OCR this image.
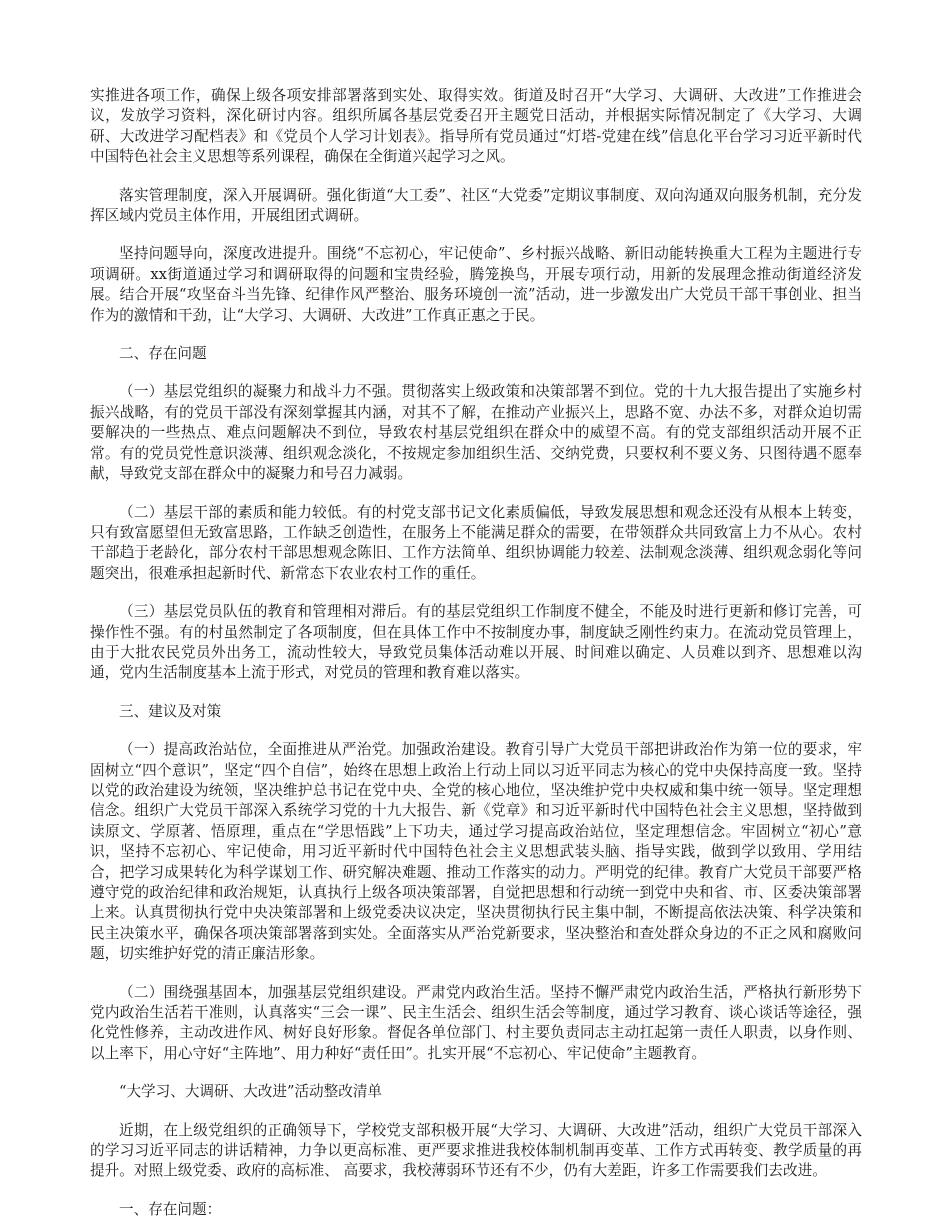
实推进各项工作，确保上级各项安排部署落到实处、取得实效。街道及时召开“大学习、大调研、大改进”工作推进会议，发放学习资料，深化研讨内容。组织所属各基层党委召开主题党日活动，并根据实际情况制定了《大学习、大调研、大改进学习配档表》和《党员个人学习计划表》。指导所有党员通过“灯塔-党建在线”信息化平台学习习近平新时代中国特色社会主义思想等系列课程，确保在全街道兴起学习之风。

落实管理制度，深入开展调研。强化街道“大工委”、社区“大党委”定期议事制度、双向沟通双向服务机制，充分发挥区域内党员主体作用，开展组团式调研。

坚持问题导向，深度改进提升。围绕“不忘初心，牢记使命”、乡村振兴战略、新旧动能转换重大工程为主题进行专项调研。xx街道通过学习和调研取得的问题和宝贵经验，腾笼换鸟，开展专项行动，用新的发展理念推动街道经济发展。结合开展“攻坚奋斗当先锋、纪律作风严整治、服务环境创一流”活动，进一步激发出广大党员干部干事创业、担当作为的激情和干劲，让“大学习、大调研、大改进”工作真正惠之于民。

二、存在问题

（一）基层党组织的凝聚力和战斗力不强。贯彻落实上级政策和决策部署不到位。党的十九大报告提出了实施乡村振兴战略，有的党员干部没有深刻掌握其内涵，对其不了解，在推动产业振兴上，思路不宽、办法不多，对群众迫切需要解决的一些热点、难点问题解决不到位，导致农村基层党组织在群众中的威望不高。有的党支部组织活动开展不正常。有的党员党性意识淡薄、组织观念淡化，不按规定参加组织生活、交纳党费，只要权利不要义务、只图待遇不愿奉献，导致党支部在群众中的凝聚力和号召力减弱。

（二）基层干部的素质和能力较低。有的村党支部书记文化素质偏低，导致发展思想和观念还没有从根本上转变，只有致富愿望但无致富思路，工作缺乏创造性，在服务上不能满足群众的需要，在带领群众共同致富上力不从心。农村干部趋于老龄化，部分农村干部思想观念陈旧、工作方法简单、组织协调能力较差、法制观念淡薄、组织观念弱化等问题突出，很难承担起新时代、新常态下农业农村工作的重任。

（三）基层党员队伍的教育和管理相对滞后。有的基层党组织工作制度不健全，不能及时进行更新和修订完善，可操作性不强。有的村虽然制定了各项制度，但在具体工作中不按制度办事，制度缺乏刚性约束力。在流动党员管理上，由于大批农民党员外出务工，流动性较大，导致党员集体活动难以开展、时间难以确定、人员难以到齐、思想难以沟通，党内生活制度基本上流于形式，对党员的管理和教育难以落实。

三、建议及对策

（一）提高政治站位，全面推进从严治党。加强政治建设。教育引导广大党员干部把讲政治作为第一位的要求，牢固树立“四个意识”，坚定“四个自信”，始终在思想上政治上行动上同以习近平同志为核心的党中央保持高度一致。坚持以党的政治建设为统领，坚决维护总书记在党中央、全党的核心地位，坚决维护党中央权威和集中统一领导。坚定理想信念。组织广大党员干部深入系统学习党的十九大报告、新《党章》和习近平新时代中国特色社会主义思想，坚持做到读原文、学原著、悟原理，重点在“学思悟践”上下功夫，通过学习提高政治站位，坚定理想信念。牢固树立“初心”意识，坚持不忘初心、牢记使命，用习近平新时代中国特色社会主义思想武装头脑、指导实践，做到学以致用、学用结合，把学习成果转化为科学谋划工作、研究解决难题、推动工作落实的动力。严明党的纪律。教育广大党员干部要严格遵守党的政治纪律和政治规矩，认真执行上级各项决策部署，自觉把思想和行动统一到党中央和省、市、区委决策部署上来。认真贯彻执行党中央决策部署和上级党委决议决定，坚决贯彻执行民主集中制，不断提高依法决策、科学决策和民主决策水平，确保各项决策部署落到实处。全面落实从严治党新要求，坚决整治和查处群众身边的不正之风和腐败问题，切实维护好党的清正廉洁形象。

（二）围绕强基固本，加强基层党组织建设。严肃党内政治生活。坚持不懈严肃党内政治生活，严格执行新形势下党内政治生活若干准则，认真落实“三会一课”、民主生活会、组织生活会等制度，通过学习教育、谈心谈话等途径，强化党性修养，主动改进作风、树好良好形象。督促各单位部门、村主要负责同志主动扛起第一责任人职责，以身作则、以上率下，用心守好“主阵地”、用力种好“责任田”。扎实开展“不忘初心、牢记使命”主题教育。

“大学习、大调研、大改进”活动整改清单

近期，在上级党组织的正确领导下，学校党支部积极开展“大学习、大调研、大改进”活动，组织广大党员干部深入的学习习近平同志的讲话精神，力争以更高标准、更严要求推进我校体制机制再变革、工作方式再转变、教学质量的再提升。对照上级党委、政府的高标准、 高要求，我校薄弱环节还有不少，仍有大差距，许多工作需要我们去改进。

一、存在问题：
